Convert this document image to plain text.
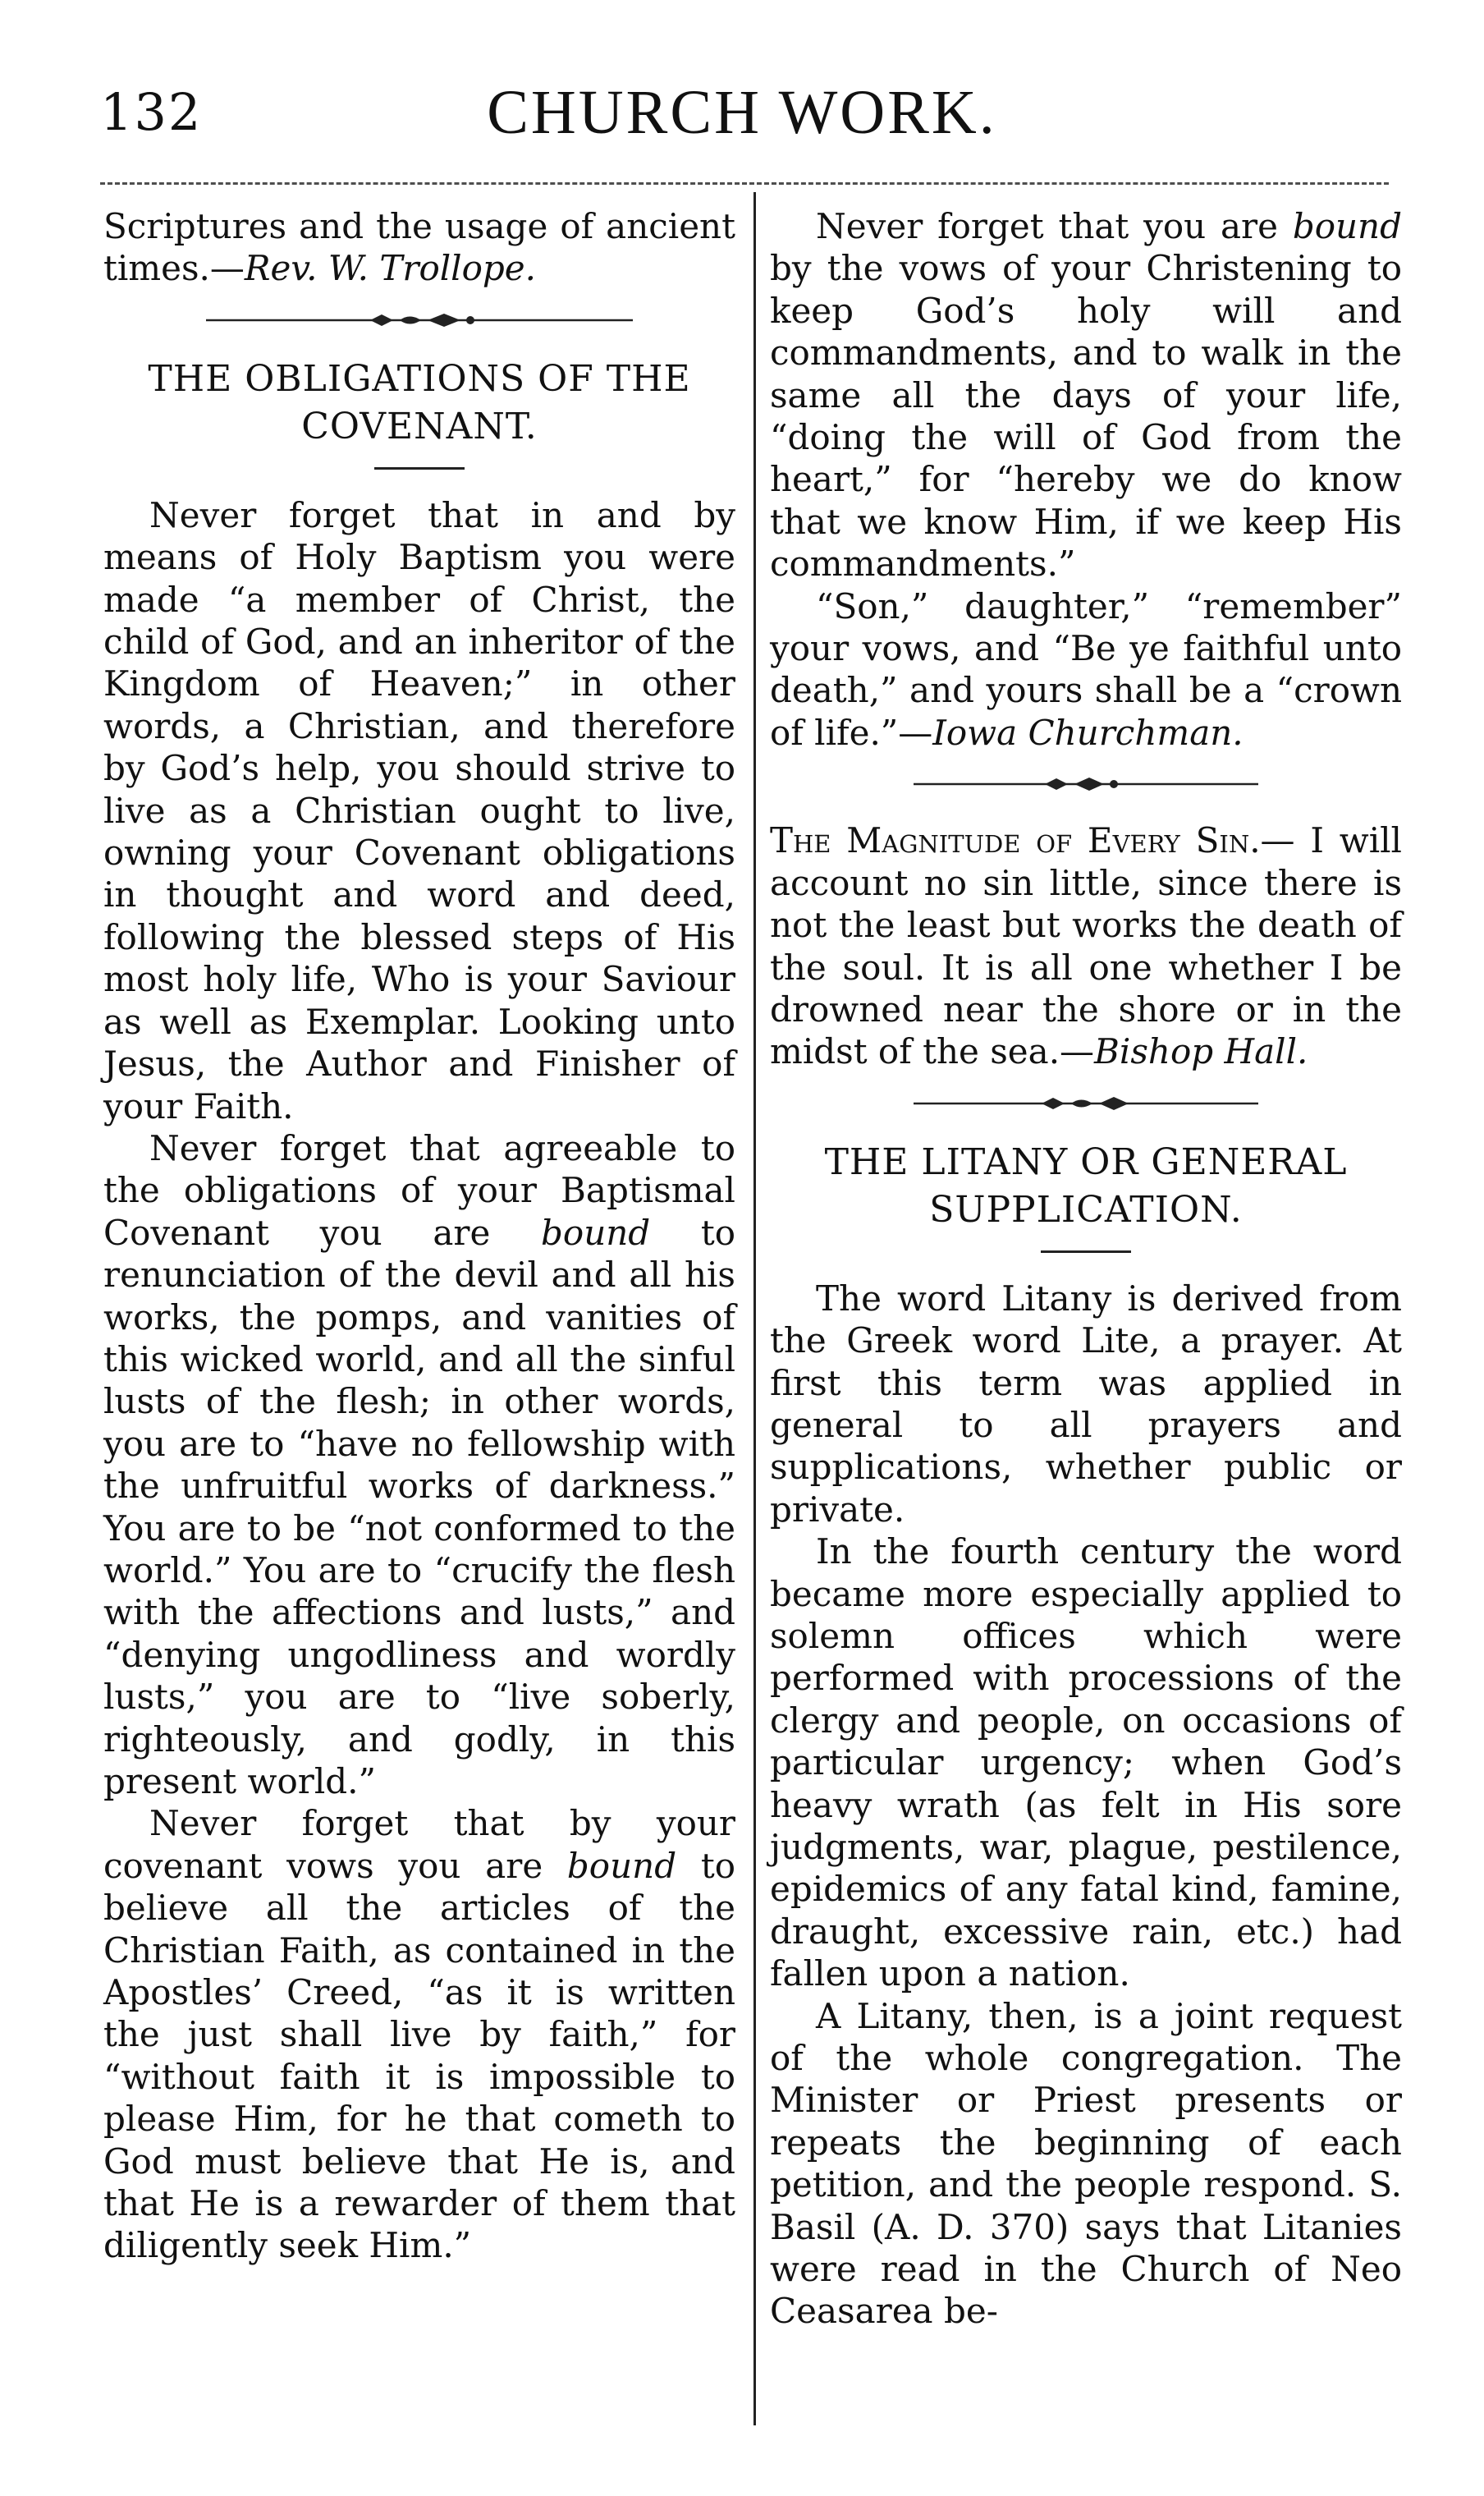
132	CHURCH WORK.

Scriptures and the usage of ancient times.—Rev. W. Trollope.

THE OBLIGATIONS OF THE
COVENANT.

Never forget that in and by means of Holy Baptism you were made “a member of Christ, the child of God, and an inheritor of the Kingdom of Heaven;” in other words, a Christian, and therefore by God’s help, you should strive to live as a Christian ought to live, owning your Covenant obligations in thought and word and deed, following the blessed steps of His most holy life, Who is your Saviour as well as Exemplar. Looking unto Jesus, the Author and Finisher of your Faith.

Never forget that agreeable to the obligations of your Baptismal Covenant you are bound to renunciation of the devil and all his works, the pomps, and vanities of this wicked world, and all the sinful lusts of the flesh; in other words, you are to “have no fellowship with the unfruitful works of darkness.” You are to be “not conformed to the world.” You are to “crucify the flesh with the affections and lusts,” and “denying ungodliness and wordly lusts,” you are to “live soberly, righteously, and godly, in this present world.”

Never forget that by your covenant vows you are bound to believe all the articles of the Christian Faith, as contained in the Apostles’ Creed, “as it is written the just shall live by faith,” for “without faith it is impossible to please Him, for he that cometh to God must believe that He is, and that He is a rewarder of them that diligently seek Him.”

Never forget that you are bound by the vows of your Christening to keep God’s holy will and commandments, and to walk in the same all the days of your life, “doing the will of God from the heart,” for “hereby we do know that we know Him, if we keep His commandments.”

“Son,” daughter,” “remember” your vows, and “Be ye faithful unto death,” and yours shall be a “crown of life.”—Iowa Churchman.

The Magnitude of Every Sin.— I will account no sin little, since there is not the least but works the death of the soul. It is all one whether I be drowned near the shore or in the midst of the sea.—Bishop Hall.

THE LITANY OR GENERAL
SUPPLICATION.

The word Litany is derived from the Greek word Lite, a prayer. At first this term was applied in general to all prayers and supplications, whether public or private.

In the fourth century the word became more especially applied to solemn offices which were performed with processions of the clergy and people, on occasions of particular urgency; when God’s heavy wrath (as felt in His sore judgments, war, plague, pestilence, epidemics of any fatal kind, famine, draught, excessive rain, etc.) had fallen upon a nation.

A Litany, then, is a joint request of the whole congregation. The Minister or Priest presents or repeats the beginning of each petition, and the people respond. S. Basil (A. D. 370) says that Litanies were read in the Church of Neo Ceasarea be-
